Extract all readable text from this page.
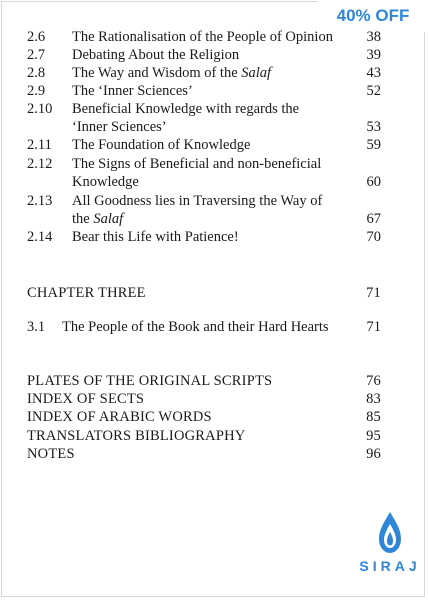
40% OFF
2.6 The Rationalisation of the People of Opinion	38
2.7 Debating About the Religion	39
2.8 The Way and Wisdom of the Salaf	43
2.9 The ‘Inner Sciences’	52
2.10 Beneficial Knowledge with regards the
‘Inner Sciences’	53
2.11 The Foundation of Knowledge	59
2.12 The Signs of Beneficial and non-beneficial
Knowledge	60
2.13 All Goodness lies in Traversing the Way of
the Salaf	67
2.14 Bear this Life with Patience!	70
CHAPTER THREE	71
3.1 The People of the Book and their Hard Hearts	71
PLATES OF THE ORIGINAL SCRIPTS	76
INDEX OF SECTS	83
INDEX OF ARABIC WORDS	85
TRANSLATORS BIBLIOGRAPHY	95
NOTES	96
SIRAJ
